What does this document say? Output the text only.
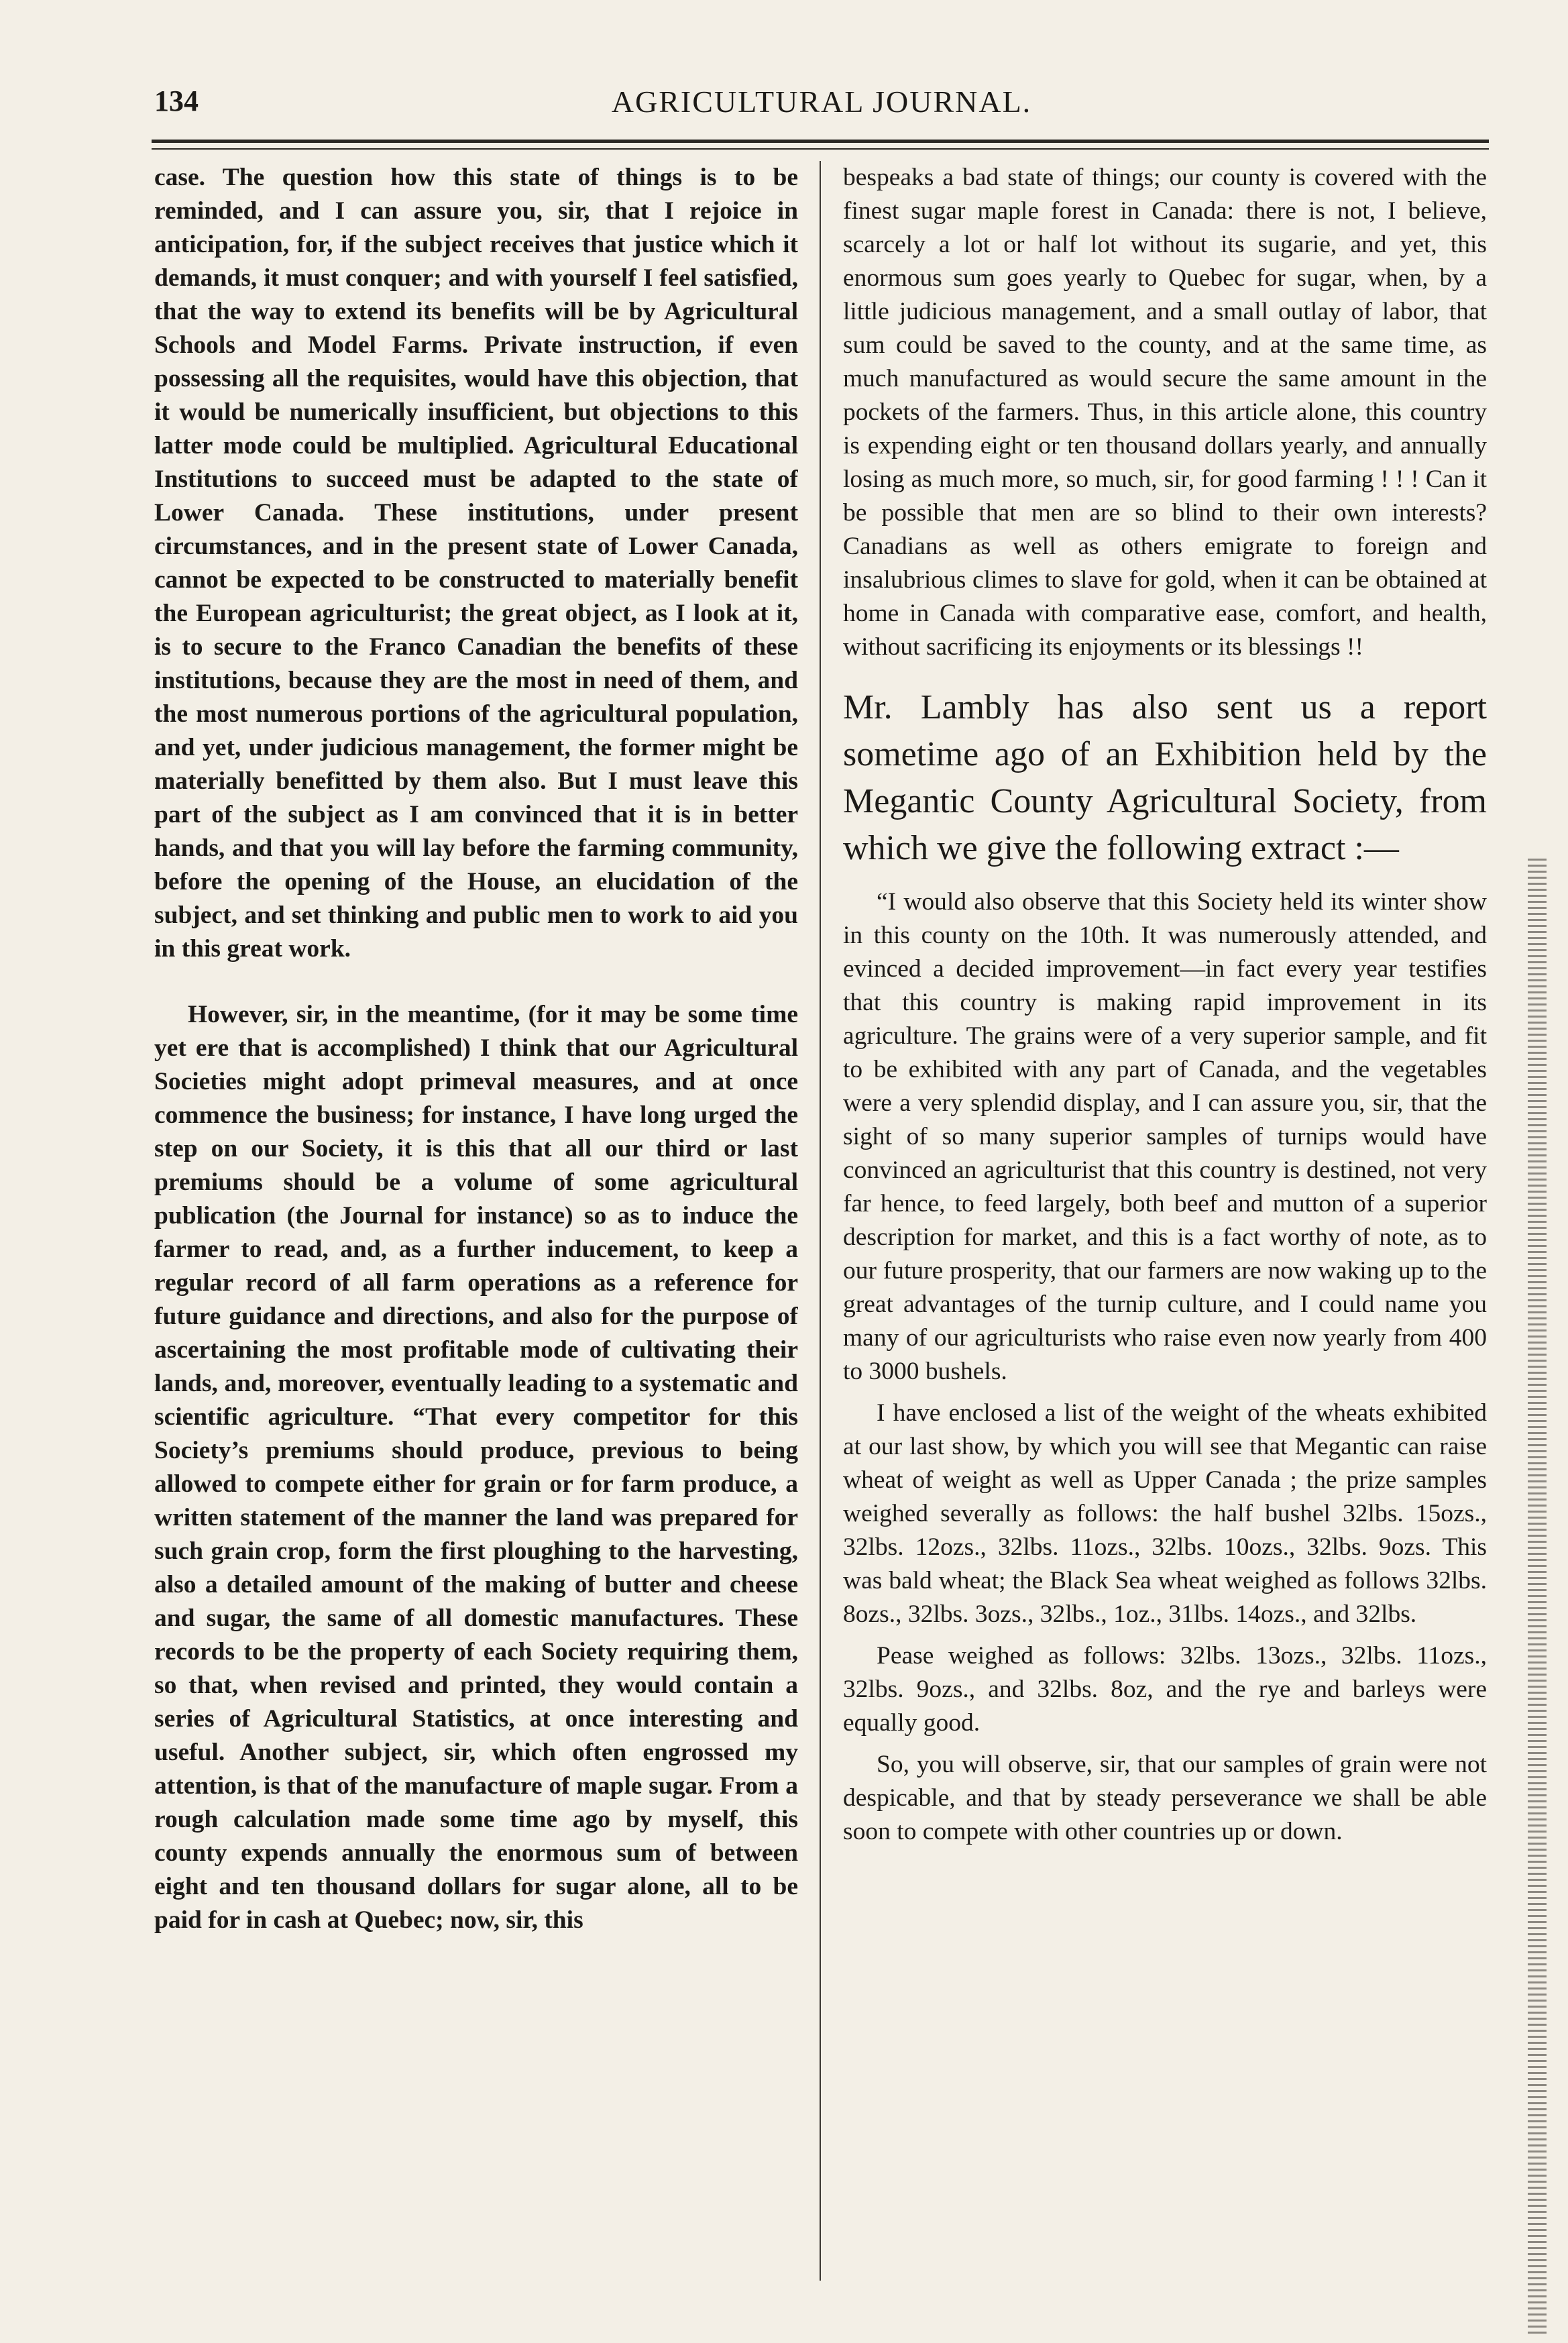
134	AGRICULTURAL JOURNAL.

case. The question how this state of things is to be reminded, and I can assure you, sir, that I rejoice in anticipation, for, if the subject receives that justice which it demands, it must conquer; and with yourself I feel satisfied, that the way to extend its benefits will be by Agricultural Schools and Model Farms. Private instruction, if even possessing all the requisites, would have this objection, that it would be numerically insufficient, but objections to this latter mode could be multiplied. Agricultural Educational Institutions to succeed must be adapted to the state of Lower Canada. These institutions, under present circumstances, and in the present state of Lower Canada, cannot be expected to be constructed to materially benefit the European agriculturist; the great object, as I look at it, is to secure to the Franco Canadian the benefits of these institutions, because they are the most in need of them, and the most numerous portions of the agricultural population, and yet, under judicious management, the former might be materially benefitted by them also. But I must leave this part of the subject as I am convinced that it is in better hands, and that you will lay before the farming community, before the opening of the House, an elucidation of the subject, and set thinking and public men to work to aid you in this great work.

However, sir, in the meantime, (for it may be some time yet ere that is accomplished) I think that our Agricultural Societies might adopt primeval measures, and at once commence the business; for instance, I have long urged the step on our Society, it is this that all our third or last premiums should be a volume of some agricultural publication (the Journal for instance) so as to induce the farmer to read, and, as a further inducement, to keep a regular record of all farm operations as a reference for future guidance and directions, and also for the purpose of ascertaining the most profitable mode of cultivating their lands, and, moreover, eventually leading to a systematic and scientific agriculture. “That every competitor for this Society’s premiums should produce, previous to being allowed to compete either for grain or for farm produce, a written statement of the manner the land was prepared for such grain crop, form the first ploughing to the harvesting, also a detailed amount of the making of butter and cheese and sugar, the same of all domestic manufactures. These records to be the property of each Society requiring them, so that, when revised and printed, they would contain a series of Agricultural Statistics, at once interesting and useful. Another subject, sir, which often engrossed my attention, is that of the manufacture of maple sugar. From a rough calculation made some time ago by myself, this county expends annually the enormous sum of between eight and ten thousand dollars for sugar alone, all to be paid for in cash at Quebec; now, sir, this

bespeaks a bad state of things; our county is covered with the finest sugar maple forest in Canada: there is not, I believe, scarcely a lot or half lot without its sugarie, and yet, this enormous sum goes yearly to Quebec for sugar, when, by a little judicious management, and a small outlay of labor, that sum could be saved to the county, and at the same time, as much manufactured as would secure the same amount in the pockets of the farmers. Thus, in this article alone, this country is expending eight or ten thousand dollars yearly, and annually losing as much more, so much, sir, for good farming ! ! ! Can it be possible that men are so blind to their own interests? Canadians as well as others emigrate to foreign and insalubrious climes to slave for gold, when it can be obtained at home in Canada with comparative ease, comfort, and health, without sacrificing its enjoyments or its blessings !!

Mr. Lambly has also sent us a report sometime ago of an Exhibition held by the Megantic County Agricultural Society, from which we give the following extract :—

“I would also observe that this Society held its winter show in this county on the 10th. It was numerously attended, and evinced a decided improvement—in fact every year testifies that this country is making rapid improvement in its agriculture. The grains were of a very superior sample, and fit to be exhibited with any part of Canada, and the vegetables were a very splendid display, and I can assure you, sir, that the sight of so many superior samples of turnips would have convinced an agriculturist that this country is destined, not very far hence, to feed largely, both beef and mutton of a superior description for market, and this is a fact worthy of note, as to our future prosperity, that our farmers are now waking up to the great advantages of the turnip culture, and I could name you many of our agriculturists who raise even now yearly from 400 to 3000 bushels.

I have enclosed a list of the weight of the wheats exhibited at our last show, by which you will see that Megantic can raise wheat of weight as well as Upper Canada ; the prize samples weighed severally as follows: the half bushel 32lbs. 15ozs., 32lbs. 12ozs., 32lbs. 11ozs., 32lbs. 10ozs., 32lbs. 9ozs. This was bald wheat; the Black Sea wheat weighed as follows 32lbs. 8ozs., 32lbs. 3ozs., 32lbs., 1oz., 31lbs. 14ozs., and 32lbs.

Pease weighed as follows: 32lbs. 13ozs., 32lbs. 11ozs., 32lbs. 9ozs., and 32lbs. 8oz, and the rye and barleys were equally good.

So, you will observe, sir, that our samples of grain were not despicable, and that by steady perseverance we shall be able soon to compete with other countries up or down.
